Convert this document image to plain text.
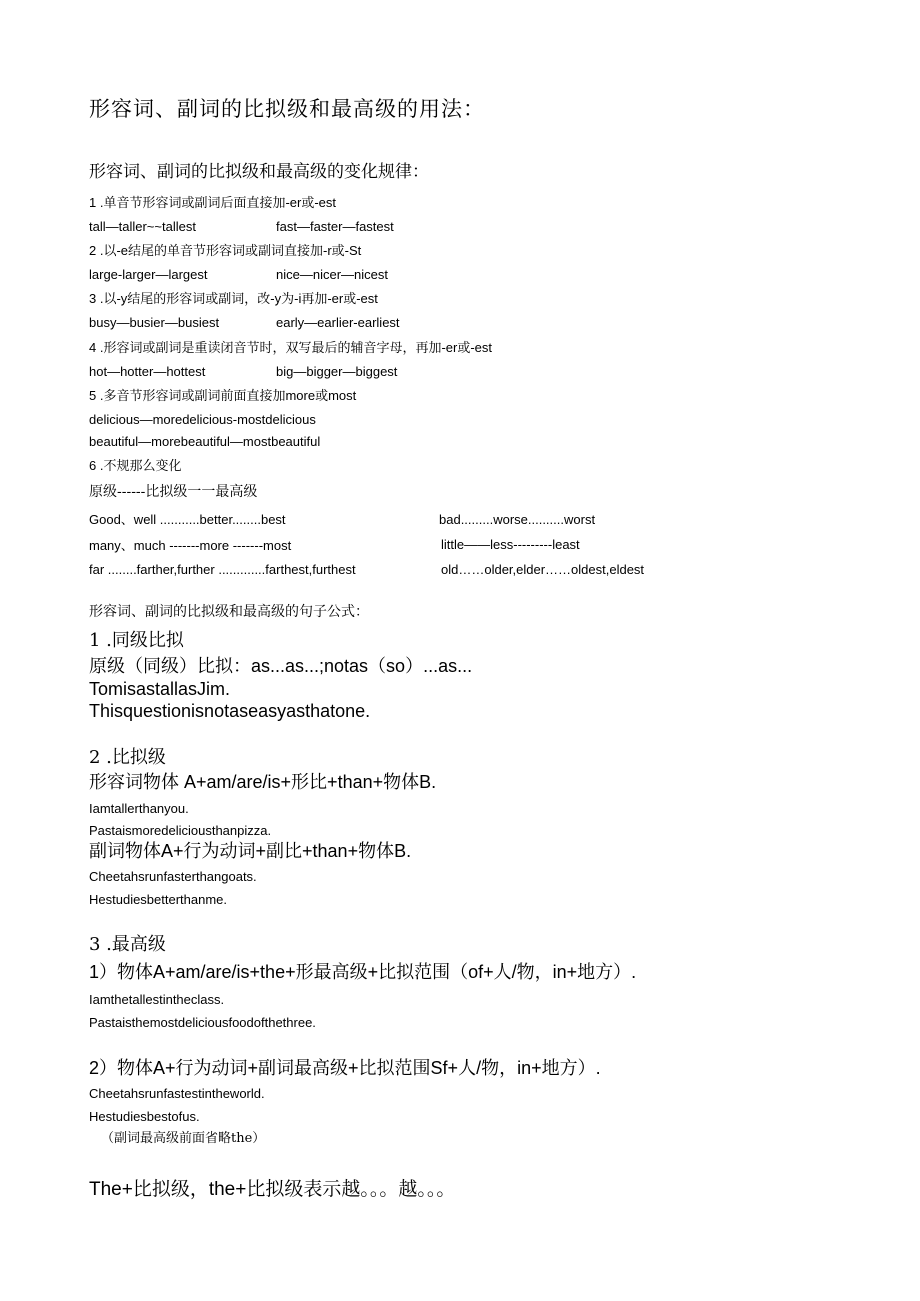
形容词、副词的比拟级和最高级的用法：
形容词、副词的比拟级和最高级的变化规律：
1 .单音节形容词或副词后面直接加-er或-est
tall—taller~~tallest	fast—faster—fastest
2 .以-e结尾的单音节形容词或副词直接加-r或-St
large-larger—largest	nice—nicer—nicest
3 .以-y结尾的形容词或副词，改-y为-i再加-er或-est
busy—busier—busiest	early—earlier-earliest
4 .形容词或副词是重读闭音节时，双写最后的辅音字母，再加-er或-est
hot—hotter—hottest	big—bigger—biggest
5 .多音节形容词或副词前面直接加more或most
delicious—moredelicious-mostdelicious
beautiful—morebeautiful—mostbeautiful
6 .不规那么变化
原级------比拟级一一最高级
Good、well ...........better........best	bad.........worse..........worst
many、much -------more -------most	little——less---------least
far ........farther,further .............farthest,furthest	old……older,elder……oldest,eldest
形容词、副词的比拟级和最高级的句子公式：
1 .同级比拟
原级（同级）比拟：as...as...;notas（so）...as...
TomisastallasJim.
Thisquestionisnotaseasyasthatone.
2 .比拟级
形容词物体 A+am/are/is+形比+than+物体B.
Iamtallerthanyou.
Pastaismoredeliciousthanpizza.
副词物体A+行为动词+副比+than+物体B.
Cheetahsrunfasterthangoats.
Hestudiesbetterthanme.
3 .最高级
1）物体A+am/are/is+the+形最高级+比拟范围（of+人/物，in+地方）.
Iamthetallestintheclass.
Pastaisthemostdeliciousfoodofthethree.
2）物体A+行为动词+副词最高级+比拟范围Sf+人/物，in+地方）.
Cheetahsrunfastestintheworld.
Hestudiesbestofus.
（副词最高级前面省略the）
The+比拟级，the+比拟级表示越。。。越。。。
